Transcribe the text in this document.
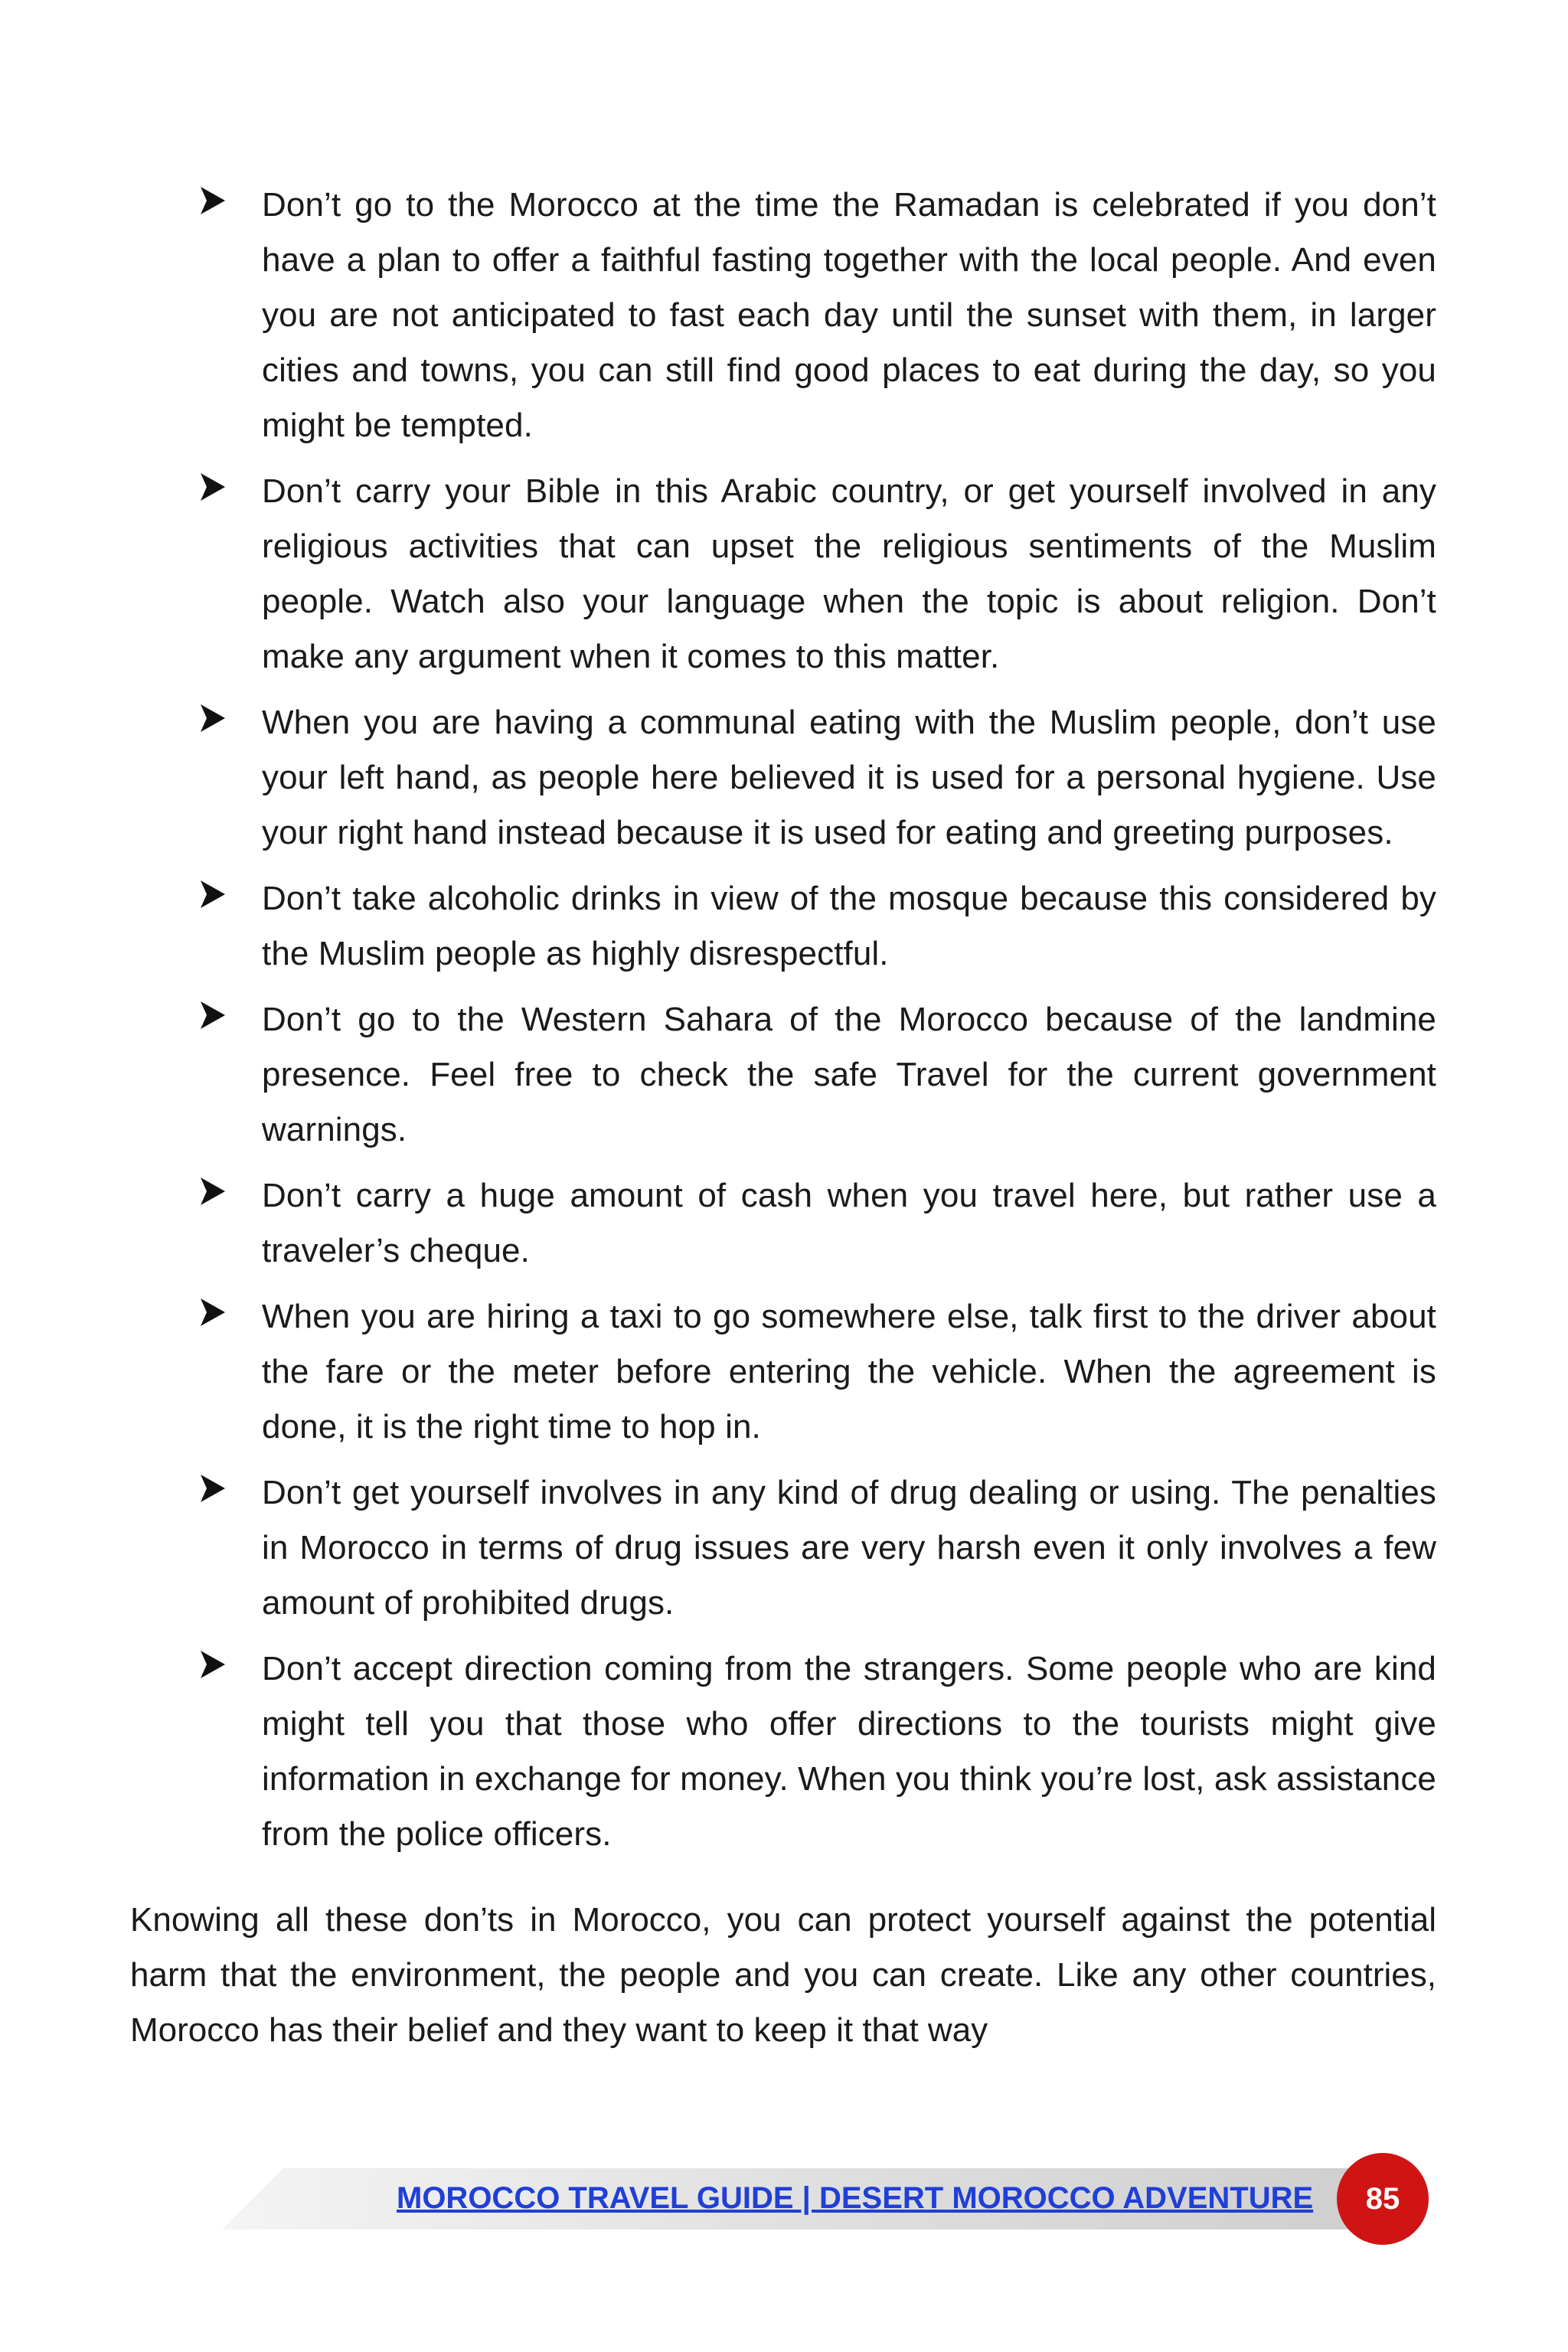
Don’t go to the Morocco at the time the Ramadan is celebrated if you don’t have a plan to offer a faithful fasting together with the local people. And even you are not anticipated to fast each day until the sunset with them, in larger cities and towns, you can still find good places to eat during the day, so you might be tempted.
Don’t carry your Bible in this Arabic country, or get yourself involved in any religious activities that can upset the religious sentiments of the Muslim people. Watch also your language when the topic is about religion. Don’t make any argument when it comes to this matter.
When you are having a communal eating with the Muslim people, don’t use your left hand, as people here believed it is used for a personal hygiene. Use your right hand instead because it is used for eating and greeting purposes.
Don’t take alcoholic drinks in view of the mosque because this considered by the Muslim people as highly disrespectful.
Don’t go to the Western Sahara of the Morocco because of the landmine presence. Feel free to check the safe Travel for the current government warnings.
Don’t carry a huge amount of cash when you travel here, but rather use a traveler’s cheque.
When you are hiring a taxi to go somewhere else, talk first to the driver about the fare or the meter before entering the vehicle. When the agreement is done, it is the right time to hop in.
Don’t get yourself involves in any kind of drug dealing or using. The penalties in Morocco in terms of drug issues are very harsh even it only involves a few amount of prohibited drugs.
Don’t accept direction coming from the strangers. Some people who are kind might tell you that those who offer directions to the tourists might give information in exchange for money. When you think you’re lost, ask assistance from the police officers.

Knowing all these don’ts in Morocco, you can protect yourself against the potential harm that the environment, the people and you can create. Like any other countries, Morocco has their belief and they want to keep it that way

MOROCCO TRAVEL GUIDE | DESERT MOROCCO ADVENTURE	85
